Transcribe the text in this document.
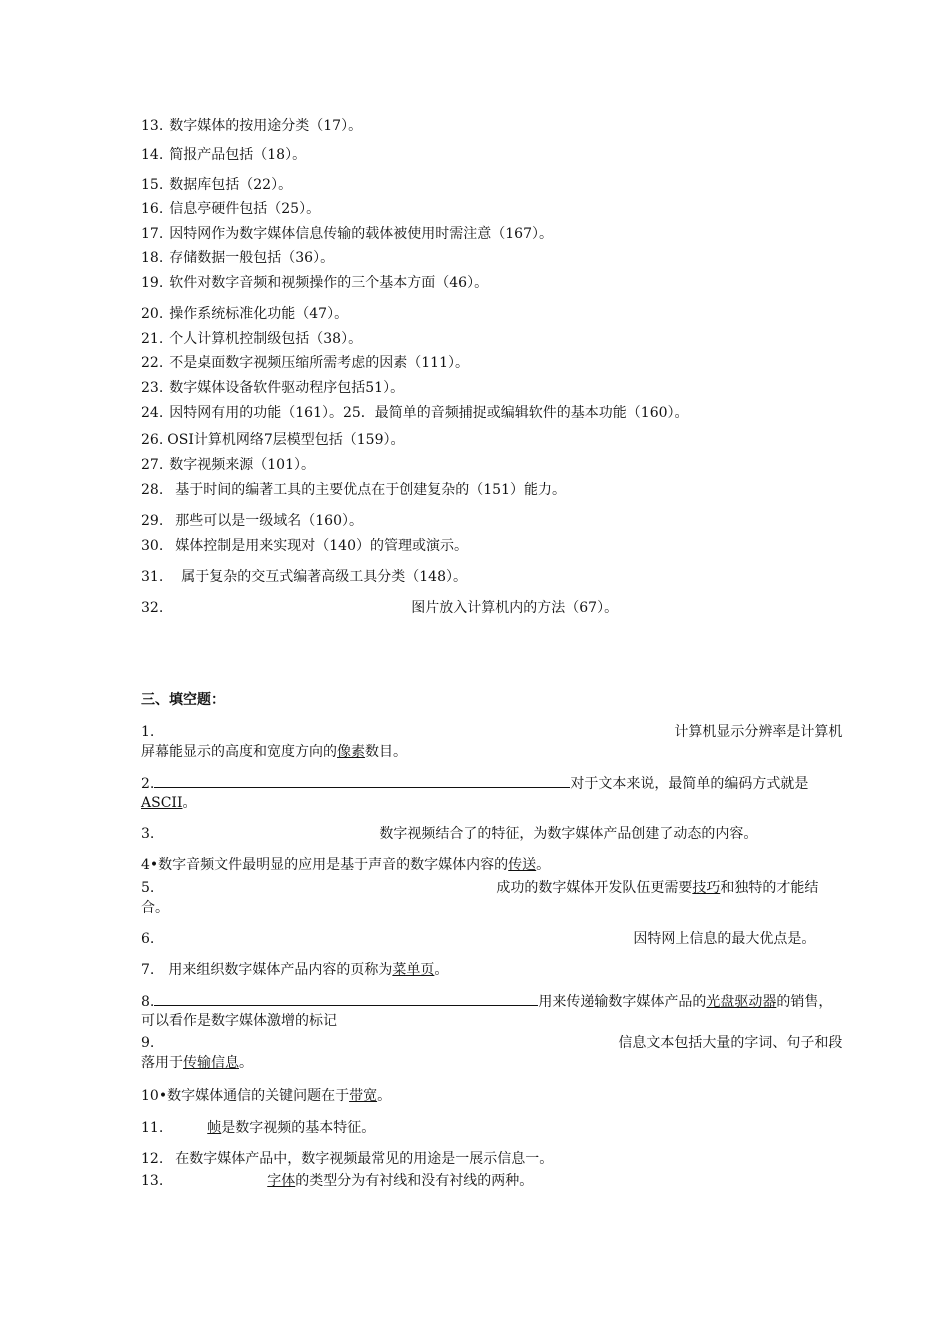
13. 数字媒体的按用途分类（17）。
14. 简报产品包括（18）。
15. 数据库包括（22）。
16. 信息亭硬件包括（25）。
17. 因特网作为数字媒体信息传输的载体被使用时需注意（167）。
18. 存储数据一般包括（36）。
19. 软件对数字音频和视频操作的三个基本方面（46）。
20. 操作系统标准化功能（47）。
21. 个人计算机控制级包括（38）。
22. 不是桌面数字视频压缩所需考虑的因素（111）。
23. 数字媒体设备软件驱动程序包括51）。
24. 因特网有用的功能（161）。25．最简单的音频捕捉或编辑软件的基本功能（160）。
26. OSI计算机网络7层模型包括（159）。
27. 数字视频来源（101）。
28. 基于时间的编著工具的主要优点在于创建复杂的（151）能力。
29. 那些可以是一级域名（160）。
30. 媒体控制是用来实现对（140）的管理或演示。
31. 属于复杂的交互式编著高级工具分类（148）。
32.	图片放入计算机内的方法（67）。
三、填空题：
1.	计算机显示分辨率是计算机
屏幕能显示的高度和宽度方向的像素数目。
2.	对于文本来说，最简单的编码方式就是
ASCII。
3.	数字视频结合了的特征，为数字媒体产品创建了动态的内容。
4•数字音频文件最明显的应用是基于声音的数字媒体内容的传送。
5.	成功的数字媒体开发队伍更需要技巧和独特的才能结
合。
6.	因特网上信息的最大优点是。
7. 用来组织数字媒体产品内容的页称为菜单页。
8.	用来传递输数字媒体产品的光盘驱动器的销售，
可以看作是数字媒体激增的标记
9.	信息文本包括大量的字词、句子和段
落用于传输信息。
10•数字媒体通信的关键问题在于带宽。
11.	帧是数字视频的基本特征。
12. 在数字媒体产品中，数字视频最常见的用途是一展示信息一。
13.	字体的类型分为有衬线和没有衬线的两种。
